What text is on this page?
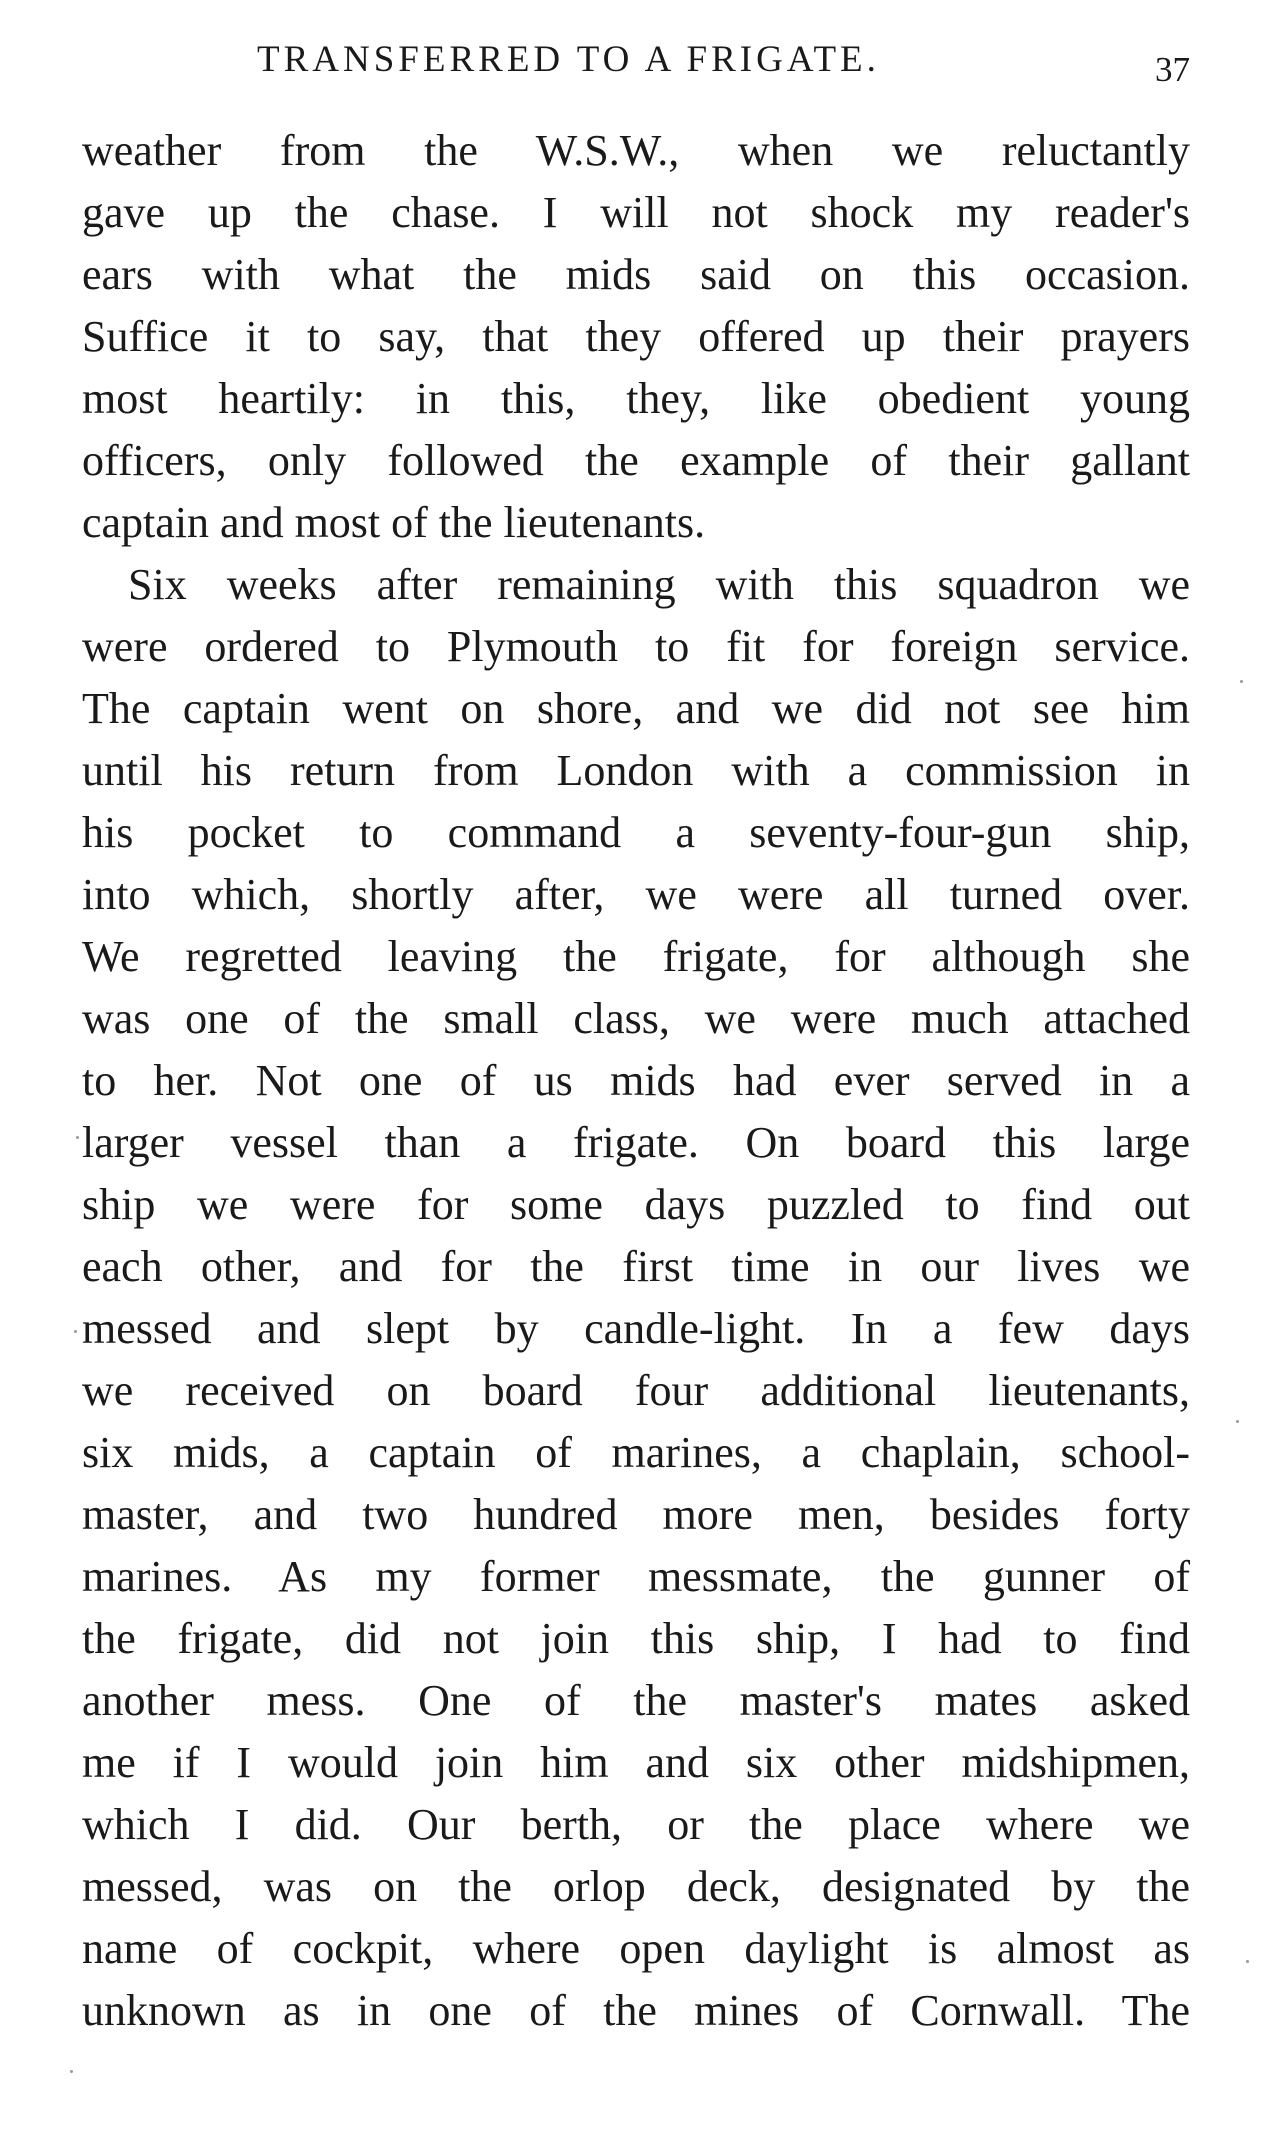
TRANSFERRED TO A FRIGATE.	37
weather from the W.S.W., when we reluctantly
gave up the chase. I will not shock my reader's
ears with what the mids said on this occasion.
Suffice it to say, that they offered up their prayers
most heartily: in this, they, like obedient young
officers, only followed the example of their gallant
captain and most of the lieutenants.
Six weeks after remaining with this squadron we
were ordered to Plymouth to fit for foreign service.
The captain went on shore, and we did not see him
until his return from London with a commission in
his pocket to command a seventy-four-gun ship,
into which, shortly after, we were all turned over.
We regretted leaving the frigate, for although she
was one of the small class, we were much attached
to her. Not one of us mids had ever served in a
larger vessel than a frigate. On board this large
ship we were for some days puzzled to find out
each other, and for the first time in our lives we
messed and slept by candle-light. In a few days
we received on board four additional lieutenants,
six mids, a captain of marines, a chaplain, school-
master, and two hundred more men, besides forty
marines. As my former messmate, the gunner of
the frigate, did not join this ship, I had to find
another mess. One of the master's mates asked
me if I would join him and six other midshipmen,
which I did. Our berth, or the place where we
messed, was on the orlop deck, designated by the
name of cockpit, where open daylight is almost as
unknown as in one of the mines of Cornwall. The
